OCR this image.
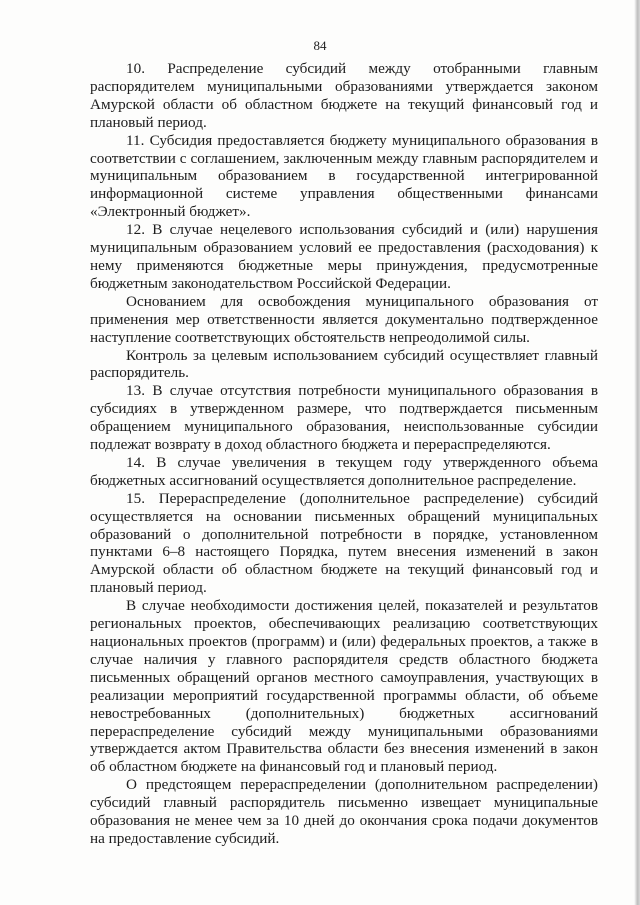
84

10. Распределение субсидий между отобранными главным распорядителем муниципальными образованиями утверждается законом Амурской области об областном бюджете на текущий финансовый год и плановый период.

11. Субсидия предоставляется бюджету муниципального образования в соответствии с соглашением, заключенным между главным распорядителем и муниципальным образованием в государственной интегрированной информационной системе управления общественными финансами «Электронный бюджет».

12. В случае нецелевого использования субсидий и (или) нарушения муниципальным образованием условий ее предоставления (расходования) к нему применяются бюджетные меры принуждения, предусмотренные бюджетным законодательством Российской Федерации.

Основанием для освобождения муниципального образования от применения мер ответственности является документально подтвержденное наступление соответствующих обстоятельств непреодолимой силы.

Контроль за целевым использованием субсидий осуществляет главный распорядитель.

13. В случае отсутствия потребности муниципального образования в субсидиях в утвержденном размере, что подтверждается письменным обращением муниципального образования, неиспользованные субсидии подлежат возврату в доход областного бюджета и перераспределяются.

14. В случае увеличения в текущем году утвержденного объема бюджетных ассигнований осуществляется дополнительное распределение.

15. Перераспределение (дополнительное распределение) субсидий осуществляется на основании письменных обращений муниципальных образований о дополнительной потребности в порядке, установленном пунктами 6–8 настоящего Порядка, путем внесения изменений в закон Амурской области об областном бюджете на текущий финансовый год и плановый период.

В случае необходимости достижения целей, показателей и результатов региональных проектов, обеспечивающих реализацию соответствующих национальных проектов (программ) и (или) федеральных проектов, а также в случае наличия у главного распорядителя средств областного бюджета письменных обращений органов местного самоуправления, участвующих в реализации мероприятий государственной программы области, об объеме невостребованных (дополнительных) бюджетных ассигнований перераспределение субсидий между муниципальными образованиями утверждается актом Правительства области без внесения изменений в закон об областном бюджете на финансовый год и плановый период.

О предстоящем перераспределении (дополнительном распределении) субсидий главный распорядитель письменно извещает муниципальные образования не менее чем за 10 дней до окончания срока подачи документов на предоставление субсидий.
